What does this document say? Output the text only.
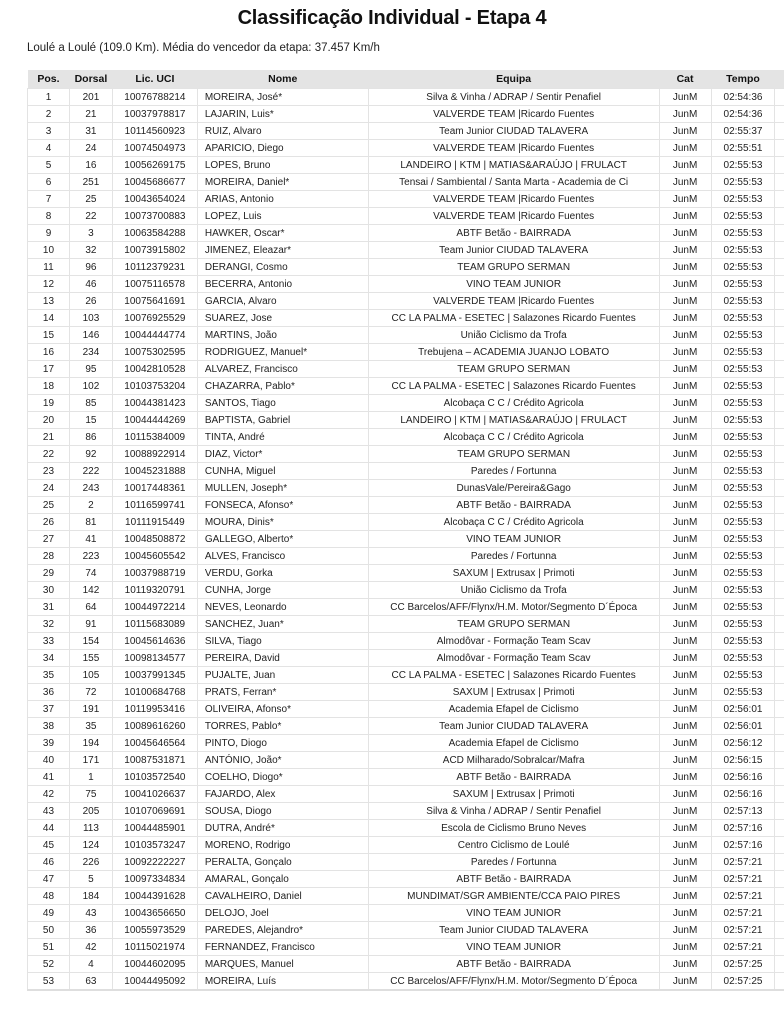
Classificação Individual - Etapa 4
Loulé a Loulé (109.0 Km). Média do vencedor da etapa: 37.457 Km/h
Pos.	Dorsal	Lic. UCI	Nome	Equipa	Cat	Tempo	
1	201	10076788214	MOREIRA, José*	Silva & Vinha / ADRAP / Sentir Penafiel	JunM	02:54:36	
2	21	10037978817	LAJARIN, Luis*	VALVERDE TEAM |Ricardo Fuentes	JunM	02:54:36	
3	31	10114560923	RUIZ, Alvaro	Team Junior CIUDAD TALAVERA	JunM	02:55:37	
4	24	10074504973	APARICIO, Diego	VALVERDE TEAM |Ricardo Fuentes	JunM	02:55:51	
5	16	10056269175	LOPES, Bruno	LANDEIRO | KTM | MATIAS&ARAÚJO | FRULACT	JunM	02:55:53	
6	251	10045686677	MOREIRA, Daniel*	Tensai / Sambiental / Santa Marta - Academia de Ci	JunM	02:55:53	
7	25	10043654024	ARIAS, Antonio	VALVERDE TEAM |Ricardo Fuentes	JunM	02:55:53	
8	22	10073700883	LOPEZ, Luis	VALVERDE TEAM |Ricardo Fuentes	JunM	02:55:53	
9	3	10063584288	HAWKER, Oscar*	ABTF Betão - BAIRRADA	JunM	02:55:53	
10	32	10073915802	JIMENEZ, Eleazar*	Team Junior CIUDAD TALAVERA	JunM	02:55:53	
11	96	10112379231	DERANGI, Cosmo	TEAM GRUPO SERMAN	JunM	02:55:53	
12	46	10075116578	BECERRA, Antonio	VINO TEAM JUNIOR	JunM	02:55:53	
13	26	10075641691	GARCIA, Alvaro	VALVERDE TEAM |Ricardo Fuentes	JunM	02:55:53	
14	103	10076925529	SUAREZ, Jose	CC LA PALMA - ESETEC | Salazones Ricardo Fuentes	JunM	02:55:53	
15	146	10044444774	MARTINS, João	União Ciclismo da Trofa	JunM	02:55:53	
16	234	10075302595	RODRIGUEZ, Manuel*	Trebujena – ACADEMIA JUANJO LOBATO	JunM	02:55:53	
17	95	10042810528	ALVAREZ, Francisco	TEAM GRUPO SERMAN	JunM	02:55:53	
18	102	10103753204	CHAZARRA, Pablo*	CC LA PALMA - ESETEC | Salazones Ricardo Fuentes	JunM	02:55:53	
19	85	10044381423	SANTOS, Tiago	Alcobaça C C / Crédito Agricola	JunM	02:55:53	
20	15	10044444269	BAPTISTA, Gabriel	LANDEIRO | KTM | MATIAS&ARAÚJO | FRULACT	JunM	02:55:53	
21	86	10115384009	TINTA, André	Alcobaça C C / Crédito Agricola	JunM	02:55:53	
22	92	10088922914	DIAZ, Victor*	TEAM GRUPO SERMAN	JunM	02:55:53	
23	222	10045231888	CUNHA, Miguel	Paredes / Fortunna	JunM	02:55:53	
24	243	10017448361	MULLEN, Joseph*	DunasVale/Pereira&Gago	JunM	02:55:53	
25	2	10116599741	FONSECA, Afonso*	ABTF Betão - BAIRRADA	JunM	02:55:53	
26	81	10111915449	MOURA, Dinis*	Alcobaça C C / Crédito Agricola	JunM	02:55:53	
27	41	10048508872	GALLEGO, Alberto*	VINO TEAM JUNIOR	JunM	02:55:53	
28	223	10045605542	ALVES, Francisco	Paredes / Fortunna	JunM	02:55:53	
29	74	10037988719	VERDU, Gorka	SAXUM | Extrusax | Primoti	JunM	02:55:53	
30	142	10119320791	CUNHA, Jorge	União Ciclismo da Trofa	JunM	02:55:53	
31	64	10044972214	NEVES, Leonardo	CC Barcelos/AFF/Flynx/H.M. Motor/Segmento D´Época	JunM	02:55:53	
32	91	10115683089	SANCHEZ, Juan*	TEAM GRUPO SERMAN	JunM	02:55:53	
33	154	10045614636	SILVA, Tiago	Almodôvar - Formação Team Scav	JunM	02:55:53	
34	155	10098134577	PEREIRA, David	Almodôvar - Formação Team Scav	JunM	02:55:53	
35	105	10037991345	PUJALTE, Juan	CC LA PALMA - ESETEC | Salazones Ricardo Fuentes	JunM	02:55:53	
36	72	10100684768	PRATS, Ferran*	SAXUM | Extrusax | Primoti	JunM	02:55:53	
37	191	10119953416	OLIVEIRA, Afonso*	Academia Efapel de Ciclismo	JunM	02:56:01	
38	35	10089616260	TORRES, Pablo*	Team Junior CIUDAD TALAVERA	JunM	02:56:01	
39	194	10045646564	PINTO, Diogo	Academia Efapel de Ciclismo	JunM	02:56:12	
40	171	10087531871	ANTÓNIO, João*	ACD Milharado/Sobralcar/Mafra	JunM	02:56:15	
41	1	10103572540	COELHO, Diogo*	ABTF Betão - BAIRRADA	JunM	02:56:16	
42	75	10041026637	FAJARDO, Alex	SAXUM | Extrusax | Primoti	JunM	02:56:16	
43	205	10107069691	SOUSA, Diogo	Silva & Vinha / ADRAP / Sentir Penafiel	JunM	02:57:13	
44	113	10044485901	DUTRA, André*	Escola de Ciclismo Bruno Neves	JunM	02:57:16	
45	124	10103573247	MORENO, Rodrigo	Centro Ciclismo de Loulé	JunM	02:57:16	
46	226	10092222227	PERALTA, Gonçalo	Paredes / Fortunna	JunM	02:57:21	
47	5	10097334834	AMARAL, Gonçalo	ABTF Betão - BAIRRADA	JunM	02:57:21	
48	184	10044391628	CAVALHEIRO, Daniel	MUNDIMAT/SGR AMBIENTE/CCA PAIO PIRES	JunM	02:57:21	
49	43	10043656650	DELOJO, Joel	VINO TEAM JUNIOR	JunM	02:57:21	
50	36	10055973529	PAREDES, Alejandro*	Team Junior CIUDAD TALAVERA	JunM	02:57:21	
51	42	10115021974	FERNANDEZ, Francisco	VINO TEAM JUNIOR	JunM	02:57:21	
52	4	10044602095	MARQUES, Manuel	ABTF Betão - BAIRRADA	JunM	02:57:25	
53	63	10044495092	MOREIRA, Luís	CC Barcelos/AFF/Flynx/H.M. Motor/Segmento D´Época	JunM	02:57:25	
